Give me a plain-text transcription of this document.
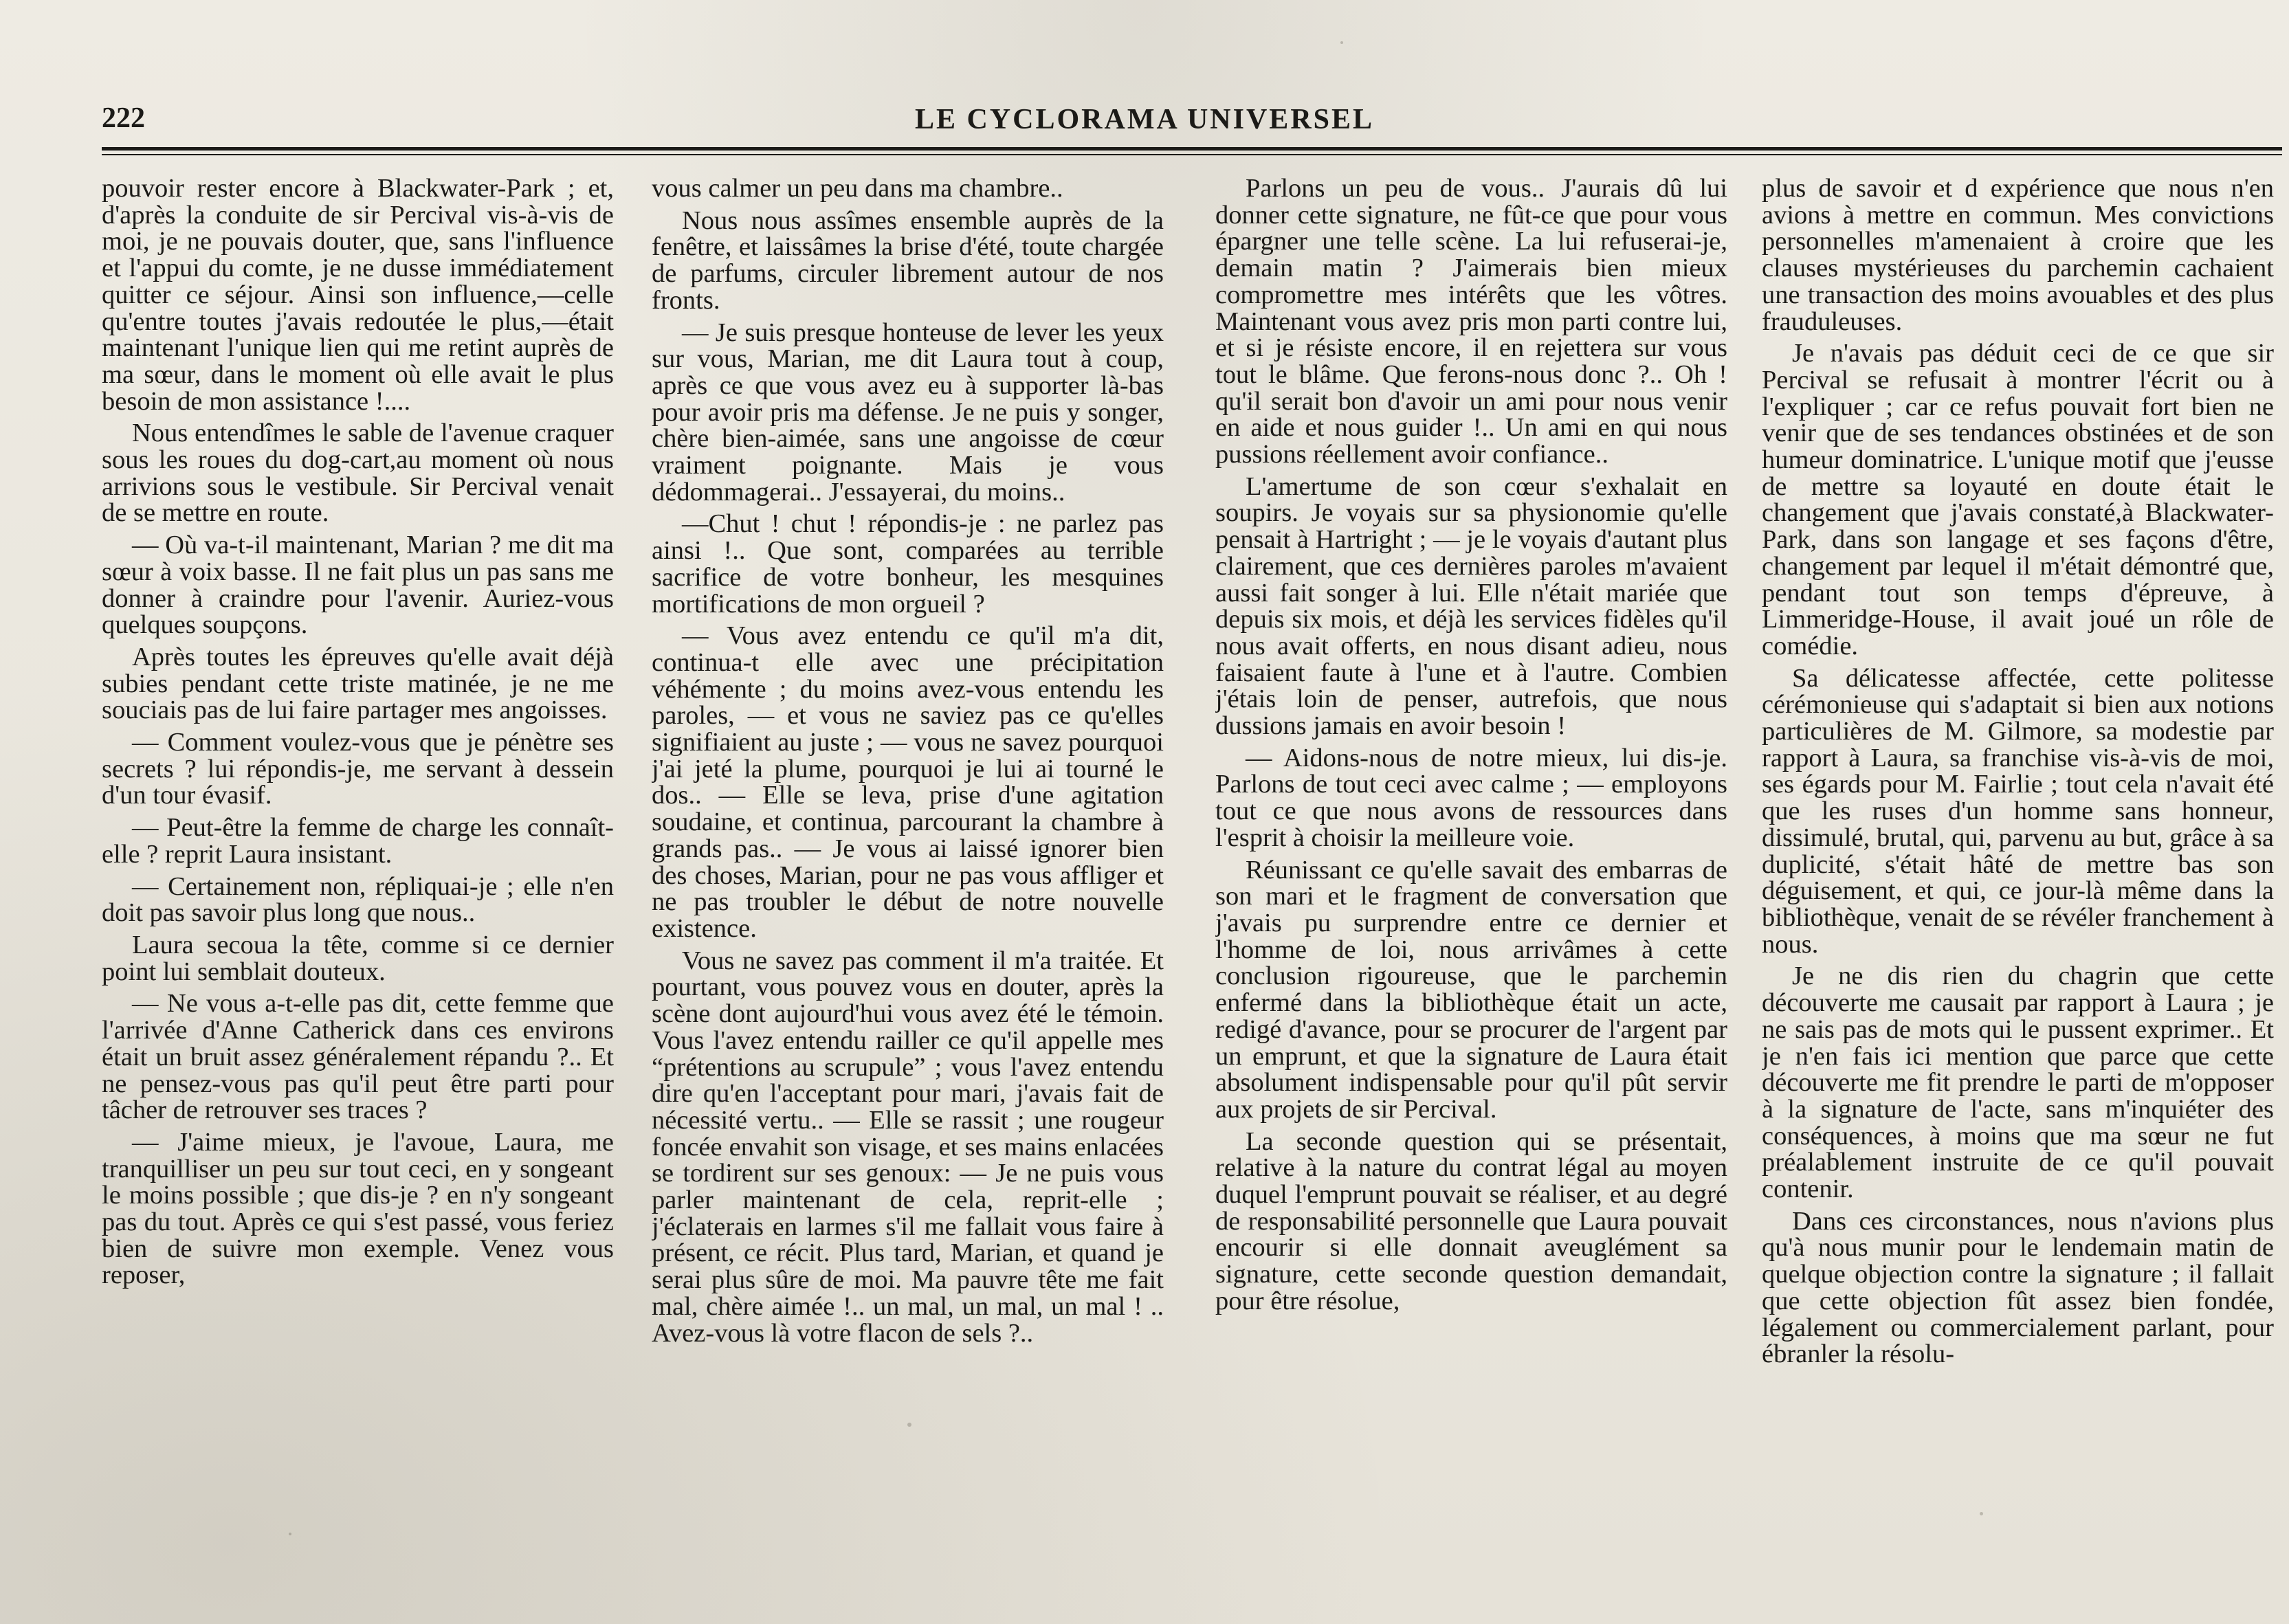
222	LE CYCLORAMA UNIVERSEL

pouvoir rester encore à Blackwater-Park ; et, d'après la conduite de sir Percival vis-à-vis de moi, je ne pouvais douter, que, sans l'influence et l'appui du comte, je ne dusse immédiatement quitter ce séjour. Ainsi son influence,—celle qu'entre toutes j'avais redoutée le plus,—était maintenant l'unique lien qui me retint auprès de ma sœur, dans le moment où elle avait le plus besoin de mon assistance !....

Nous entendîmes le sable de l'avenue craquer sous les roues du dog-cart,au moment où nous arrivions sous le vestibule. Sir Percival venait de se mettre en route.

— Où va-t-il maintenant, Marian ? me dit ma sœur à voix basse. Il ne fait plus un pas sans me donner à craindre pour l'avenir. Auriez-vous quelques soupçons.

Après toutes les épreuves qu'elle avait déjà subies pendant cette triste matinée, je ne me souciais pas de lui faire partager mes angoisses.

— Comment voulez-vous que je pénètre ses secrets ? lui répondis-je, me servant à dessein d'un tour évasif.

— Peut-être la femme de charge les connaît-elle ? reprit Laura insistant.

— Certainement non, répliquai-je ; elle n'en doit pas savoir plus long que nous..

Laura secoua la tête, comme si ce dernier point lui semblait douteux.

— Ne vous a-t-elle pas dit, cette femme que l'arrivée d'Anne Catherick dans ces environs était un bruit assez généralement répandu ?.. Et ne pensez-vous pas qu'il peut être parti pour tâcher de retrouver ses traces ?

— J'aime mieux, je l'avoue, Laura, me tranquilliser un peu sur tout ceci, en y songeant le moins possible ; que dis-je ? en n'y songeant pas du tout. Après ce qui s'est passé, vous feriez bien de suivre mon exemple. Venez vous reposer,

vous calmer un peu dans ma chambre..

Nous nous assîmes ensemble auprès de la fenêtre, et laissâmes la brise d'été, toute chargée de parfums, circuler librement autour de nos fronts.

— Je suis presque honteuse de lever les yeux sur vous, Marian, me dit Laura tout à coup, après ce que vous avez eu à supporter là-bas pour avoir pris ma défense. Je ne puis y songer, chère bien-aimée, sans une angoisse de cœur vraiment poignante. Mais je vous dédommagerai.. J'essayerai, du moins..

—Chut ! chut ! répondis-je : ne parlez pas ainsi !.. Que sont, comparées au terrible sacrifice de votre bonheur, les mesquines mortifications de mon orgueil ?

— Vous avez entendu ce qu'il m'a dit, continua-t elle avec une précipitation véhémente ; du moins avez-vous entendu les paroles, — et vous ne saviez pas ce qu'elles signifiaient au juste ; — vous ne savez pourquoi j'ai jeté la plume, pourquoi je lui ai tourné le dos.. — Elle se leva, prise d'une agitation soudaine, et continua, parcourant la chambre à grands pas.. — Je vous ai laissé ignorer bien des choses, Marian, pour ne pas vous affliger et ne pas troubler le début de notre nouvelle existence.

Vous ne savez pas comment il m'a traitée. Et pourtant, vous pouvez vous en douter, après la scène dont aujourd'hui vous avez été le témoin. Vous l'avez entendu railler ce qu'il appelle mes “prétentions au scrupule” ; vous l'avez entendu dire qu'en l'acceptant pour mari, j'avais fait de nécessité vertu.. — Elle se rassit ; une rougeur foncée envahit son visage, et ses mains enlacées se tordirent sur ses genoux: — Je ne puis vous parler maintenant de cela, reprit-elle ; j'éclaterais en larmes s'il me fallait vous faire à présent, ce récit. Plus tard, Marian, et quand je serai plus sûre de moi. Ma pauvre tête me fait mal, chère aimée !.. un mal, un mal, un mal ! .. Avez-vous là votre flacon de sels ?..

Parlons un peu de vous.. J'aurais dû lui donner cette signature, ne fût-ce que pour vous épargner une telle scène. La lui refuserai-je, demain matin ? J'aimerais bien mieux compromettre mes intérêts que les vôtres. Maintenant vous avez pris mon parti contre lui, et si je résiste encore, il en rejettera sur vous tout le blâme. Que ferons-nous donc ?.. Oh ! qu'il serait bon d'avoir un ami pour nous venir en aide et nous guider !.. Un ami en qui nous pussions réellement avoir confiance..

L'amertume de son cœur s'exhalait en soupirs. Je voyais sur sa physionomie qu'elle pensait à Hartright ; — je le voyais d'autant plus clairement, que ces dernières paroles m'avaient aussi fait songer à lui. Elle n'était mariée que depuis six mois, et déjà les services fidèles qu'il nous avait offerts, en nous disant adieu, nous faisaient faute à l'une et à l'autre. Combien j'étais loin de penser, autrefois, que nous dussions jamais en avoir besoin !

— Aidons-nous de notre mieux, lui dis-je. Parlons de tout ceci avec calme ; — employons tout ce que nous avons de ressources dans l'esprit à choisir la meilleure voie.

Réunissant ce qu'elle savait des embarras de son mari et le fragment de conversation que j'avais pu surprendre entre ce dernier et l'homme de loi, nous arrivâmes à cette conclusion rigoureuse, que le parchemin enfermé dans la bibliothèque était un acte, redigé d'avance, pour se procurer de l'argent par un emprunt, et que la signature de Laura était absolument indispensable pour qu'il pût servir aux projets de sir Percival.

La seconde question qui se présentait, relative à la nature du contrat légal au moyen duquel l'emprunt pouvait se réaliser, et au degré de responsabilité personnelle que Laura pouvait encourir si elle donnait aveuglément sa signature, cette seconde question demandait, pour être résolue,

plus de savoir et d expérience que nous n'en avions à mettre en commun. Mes convictions personnelles m'amenaient à croire que les clauses mystérieuses du parchemin cachaient une transaction des moins avouables et des plus frauduleuses.

Je n'avais pas déduit ceci de ce que sir Percival se refusait à montrer l'écrit ou à l'expliquer ; car ce refus pouvait fort bien ne venir que de ses tendances obstinées et de son humeur dominatrice. L'unique motif que j'eusse de mettre sa loyauté en doute était le changement que j'avais constaté,à Blackwater-Park, dans son langage et ses façons d'être, changement par lequel il m'était démontré que, pendant tout son temps d'épreuve, à Limmeridge-House, il avait joué un rôle de comédie.

Sa délicatesse affectée, cette politesse cérémonieuse qui s'adaptait si bien aux notions particulières de M. Gilmore, sa modestie par rapport à Laura, sa franchise vis-à-vis de moi, ses égards pour M. Fairlie ; tout cela n'avait été que les ruses d'un homme sans honneur, dissimulé, brutal, qui, parvenu au but, grâce à sa duplicité, s'était hâté de mettre bas son déguisement, et qui, ce jour-là même dans la bibliothèque, venait de se révéler franchement à nous.

Je ne dis rien du chagrin que cette découverte me causait par rapport à Laura ; je ne sais pas de mots qui le pussent exprimer.. Et je n'en fais ici mention que parce que cette découverte me fit prendre le parti de m'opposer à la signature de l'acte, sans m'inquiéter des conséquences, à moins que ma sœur ne fut préalablement instruite de ce qu'il pouvait contenir.

Dans ces circonstances, nous n'avions plus qu'à nous munir pour le lendemain matin de quelque objection contre la signature ; il fallait que cette objection fût assez bien fondée, légalement ou commercialement parlant, pour ébranler la résolu-
